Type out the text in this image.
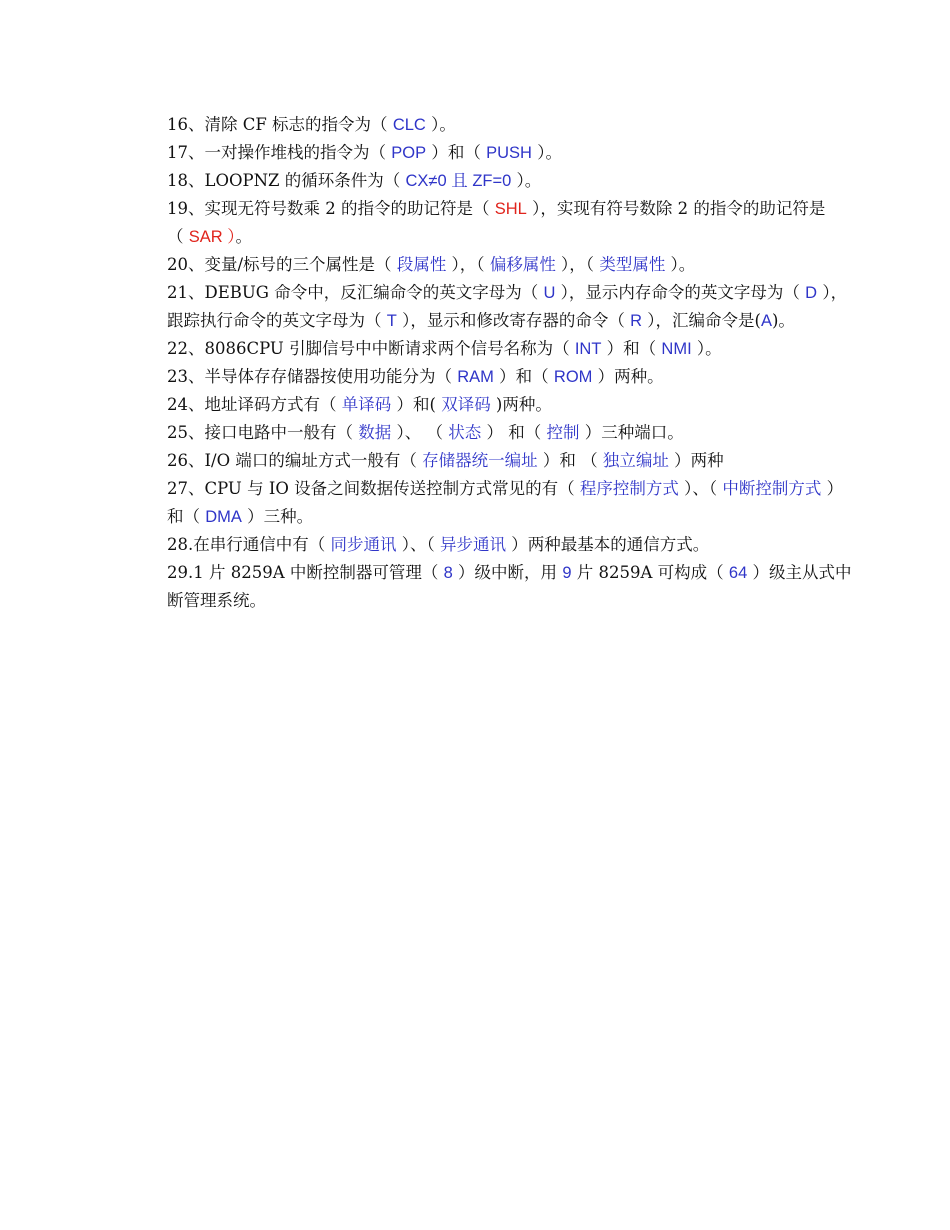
16、清除 CF 标志的指令为（ CLC ）。
17、一对操作堆栈的指令为（ POP ）和（ PUSH ）。
18、LOOPNZ 的循环条件为（ CX≠0 且 ZF=0 ）。
19、实现无符号数乘 2 的指令的助记符是（ SHL ），实现有符号数除 2 的指令的助记符是
（ SAR ）。
20、变量/标号的三个属性是（ 段属性 ），（ 偏移属性 ），（ 类型属性 ）。
21、DEBUG 命令中，反汇编命令的英文字母为（ U ），显示内存命令的英文字母为（ D ），
跟踪执行命令的英文字母为（ T ），显示和修改寄存器的命令（ R ），汇编命令是(A)。
22、8086CPU 引脚信号中中断请求两个信号名称为（ INT ）和（ NMI ）。
23、半导体存存储器按使用功能分为（ RAM ）和（ ROM ）两种。
24、地址译码方式有（ 单译码 ）和( 双译码 )两种。
25、接口电路中一般有（ 数据 ）、 （ 状态 ） 和（ 控制 ）三种端口。
26、I/O 端口的编址方式一般有（ 存储器统一编址 ）和 （ 独立编址 ）两种
27、CPU 与 IO 设备之间数据传送控制方式常见的有（ 程序控制方式 ）、（ 中断控制方式 ）
和（ DMA ）三种。
28.在串行通信中有（ 同步通讯 ）、（ 异步通讯 ）两种最基本的通信方式。
29.1 片 8259A 中断控制器可管理（ 8 ）级中断，用 9 片 8259A 可构成（ 64 ）级主从式中
断管理系统。
